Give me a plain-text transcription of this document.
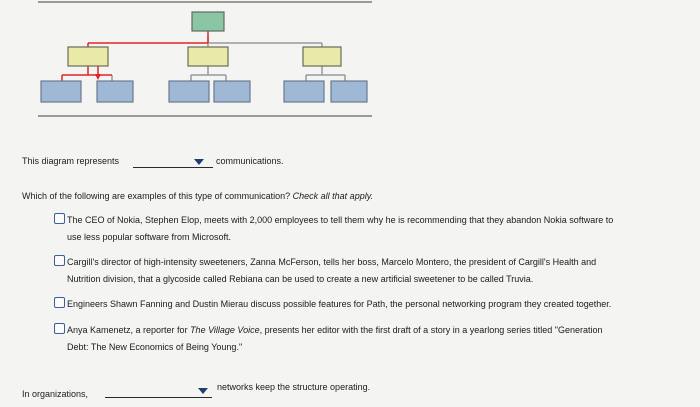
This diagram represents	communications.
Which of the following are examples of this type of communication? Check all that apply.
The CEO of Nokia, Stephen Elop, meets with 2,000 employees to tell them why he is recommending that they abandon Nokia software to
use less popular software from Microsoft.
Cargill's director of high-intensity sweeteners, Zanna McFerson, tells her boss, Marcelo Montero, the president of Cargill's Health and
Nutrition division, that a glycoside called Rebiana can be used to create a new artificial sweetener to be called Truvia.
Engineers Shawn Fanning and Dustin Mierau discuss possible features for Path, the personal networking program they created together.
Anya Kamenetz, a reporter for The Village Voice, presents her editor with the first draft of a story in a yearlong series titled "Generation
Debt: The New Economics of Being Young."
In organizations,
networks keep the structure operating.
